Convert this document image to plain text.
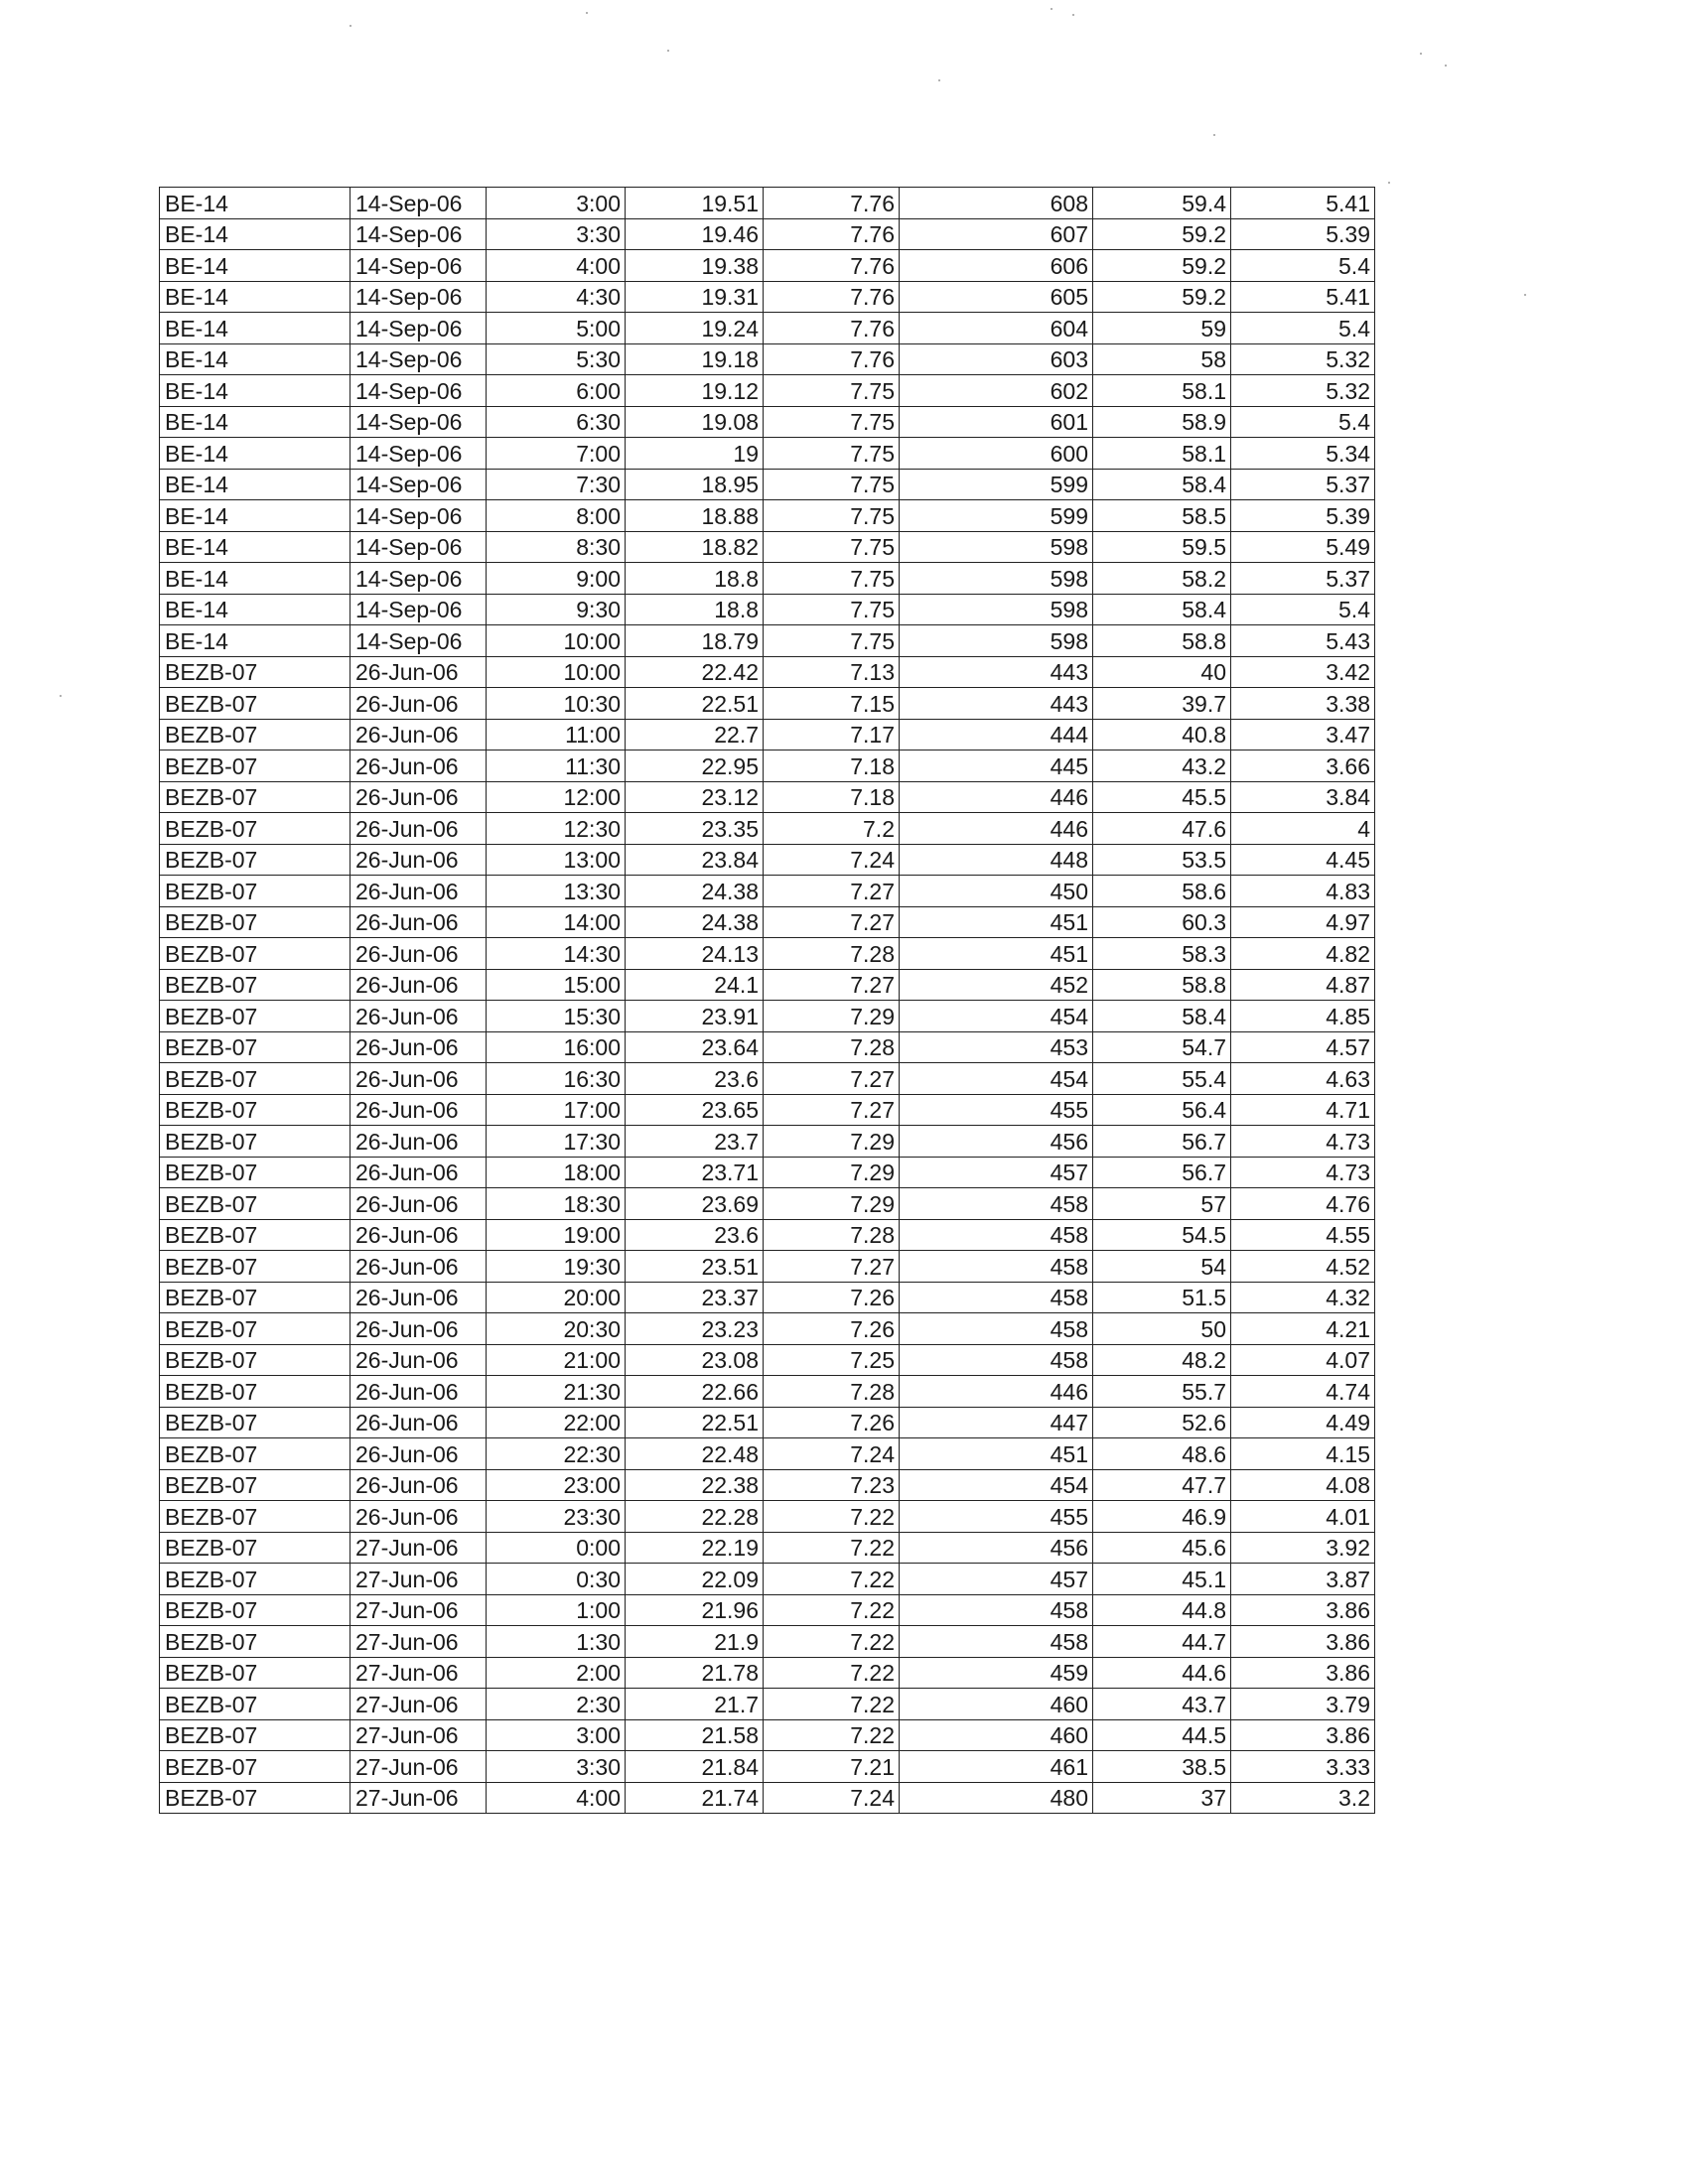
BE-14	14-Sep-06	3:00	19.51	7.76	608	59.4	5.41
BE-14	14-Sep-06	3:30	19.46	7.76	607	59.2	5.39
BE-14	14-Sep-06	4:00	19.38	7.76	606	59.2	5.4
BE-14	14-Sep-06	4:30	19.31	7.76	605	59.2	5.41
BE-14	14-Sep-06	5:00	19.24	7.76	604	59	5.4
BE-14	14-Sep-06	5:30	19.18	7.76	603	58	5.32
BE-14	14-Sep-06	6:00	19.12	7.75	602	58.1	5.32
BE-14	14-Sep-06	6:30	19.08	7.75	601	58.9	5.4
BE-14	14-Sep-06	7:00	19	7.75	600	58.1	5.34
BE-14	14-Sep-06	7:30	18.95	7.75	599	58.4	5.37
BE-14	14-Sep-06	8:00	18.88	7.75	599	58.5	5.39
BE-14	14-Sep-06	8:30	18.82	7.75	598	59.5	5.49
BE-14	14-Sep-06	9:00	18.8	7.75	598	58.2	5.37
BE-14	14-Sep-06	9:30	18.8	7.75	598	58.4	5.4
BE-14	14-Sep-06	10:00	18.79	7.75	598	58.8	5.43
BEZB-07	26-Jun-06	10:00	22.42	7.13	443	40	3.42
BEZB-07	26-Jun-06	10:30	22.51	7.15	443	39.7	3.38
BEZB-07	26-Jun-06	11:00	22.7	7.17	444	40.8	3.47
BEZB-07	26-Jun-06	11:30	22.95	7.18	445	43.2	3.66
BEZB-07	26-Jun-06	12:00	23.12	7.18	446	45.5	3.84
BEZB-07	26-Jun-06	12:30	23.35	7.2	446	47.6	4
BEZB-07	26-Jun-06	13:00	23.84	7.24	448	53.5	4.45
BEZB-07	26-Jun-06	13:30	24.38	7.27	450	58.6	4.83
BEZB-07	26-Jun-06	14:00	24.38	7.27	451	60.3	4.97
BEZB-07	26-Jun-06	14:30	24.13	7.28	451	58.3	4.82
BEZB-07	26-Jun-06	15:00	24.1	7.27	452	58.8	4.87
BEZB-07	26-Jun-06	15:30	23.91	7.29	454	58.4	4.85
BEZB-07	26-Jun-06	16:00	23.64	7.28	453	54.7	4.57
BEZB-07	26-Jun-06	16:30	23.6	7.27	454	55.4	4.63
BEZB-07	26-Jun-06	17:00	23.65	7.27	455	56.4	4.71
BEZB-07	26-Jun-06	17:30	23.7	7.29	456	56.7	4.73
BEZB-07	26-Jun-06	18:00	23.71	7.29	457	56.7	4.73
BEZB-07	26-Jun-06	18:30	23.69	7.29	458	57	4.76
BEZB-07	26-Jun-06	19:00	23.6	7.28	458	54.5	4.55
BEZB-07	26-Jun-06	19:30	23.51	7.27	458	54	4.52
BEZB-07	26-Jun-06	20:00	23.37	7.26	458	51.5	4.32
BEZB-07	26-Jun-06	20:30	23.23	7.26	458	50	4.21
BEZB-07	26-Jun-06	21:00	23.08	7.25	458	48.2	4.07
BEZB-07	26-Jun-06	21:30	22.66	7.28	446	55.7	4.74
BEZB-07	26-Jun-06	22:00	22.51	7.26	447	52.6	4.49
BEZB-07	26-Jun-06	22:30	22.48	7.24	451	48.6	4.15
BEZB-07	26-Jun-06	23:00	22.38	7.23	454	47.7	4.08
BEZB-07	26-Jun-06	23:30	22.28	7.22	455	46.9	4.01
BEZB-07	27-Jun-06	0:00	22.19	7.22	456	45.6	3.92
BEZB-07	27-Jun-06	0:30	22.09	7.22	457	45.1	3.87
BEZB-07	27-Jun-06	1:00	21.96	7.22	458	44.8	3.86
BEZB-07	27-Jun-06	1:30	21.9	7.22	458	44.7	3.86
BEZB-07	27-Jun-06	2:00	21.78	7.22	459	44.6	3.86
BEZB-07	27-Jun-06	2:30	21.7	7.22	460	43.7	3.79
BEZB-07	27-Jun-06	3:00	21.58	7.22	460	44.5	3.86
BEZB-07	27-Jun-06	3:30	21.84	7.21	461	38.5	3.33
BEZB-07	27-Jun-06	4:00	21.74	7.24	480	37	3.2
